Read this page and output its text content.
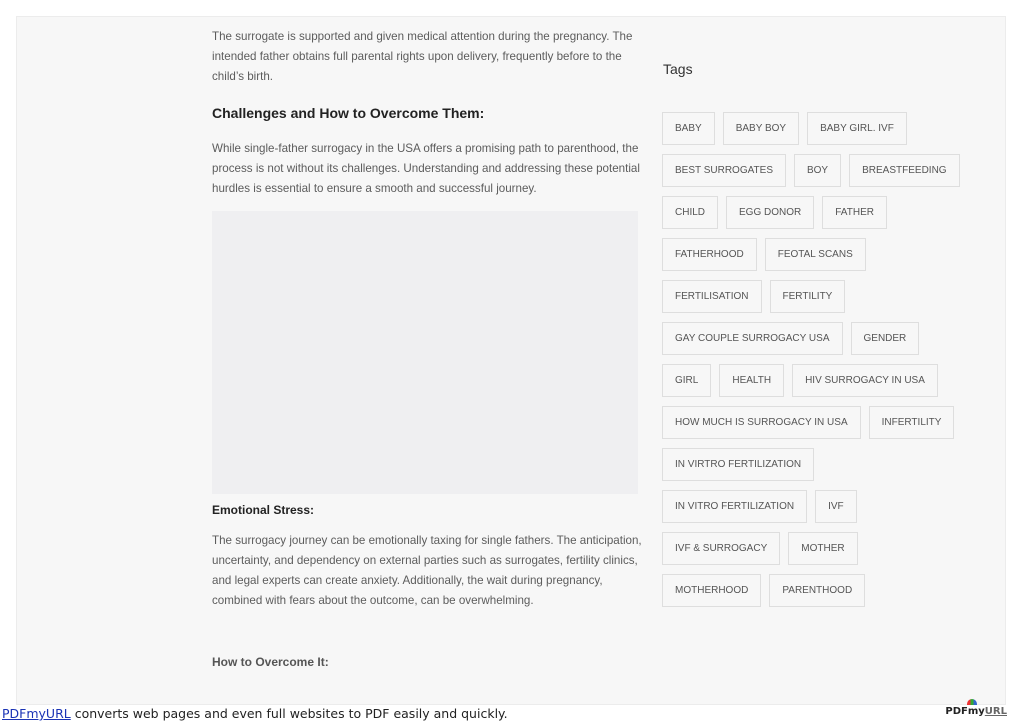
The surrogate is supported and given medical attention during the pregnancy. The intended father obtains full parental rights upon delivery, frequently before to the child’s birth.

Challenges and How to Overcome Them:

While single-father surrogacy in the USA offers a promising path to parenthood, the process is not without its challenges. Understanding and addressing these potential hurdles is essential to ensure a smooth and successful journey.

Emotional Stress:

The surrogacy journey can be emotionally taxing for single fathers. The anticipation, uncertainty, and dependency on external parties such as surrogates, fertility clinics, and legal experts can create anxiety. Additionally, the wait during pregnancy, combined with fears about the outcome, can be overwhelming.

How to Overcome It:
Tags
BABY	BABY BOY	BABY GIRL. IVF
BEST SURROGATES	BOY	BREASTFEEDING
CHILD	EGG DONOR	FATHER
FATHERHOOD	FEOTAL SCANS
FERTILISATION	FERTILITY
GAY COUPLE SURROGACY USA	GENDER
GIRL	HEALTH	HIV SURROGACY IN USA
HOW MUCH IS SURROGACY IN USA	INFERTILITY
IN VIRTRO FERTILIZATION
IN VITRO FERTILIZATION	IVF
IVF & SURROGACY	MOTHER
MOTHERHOOD	PARENTHOOD
PDFmyURL converts web pages and even full websites to PDF easily and quickly.	PDFmyURL
